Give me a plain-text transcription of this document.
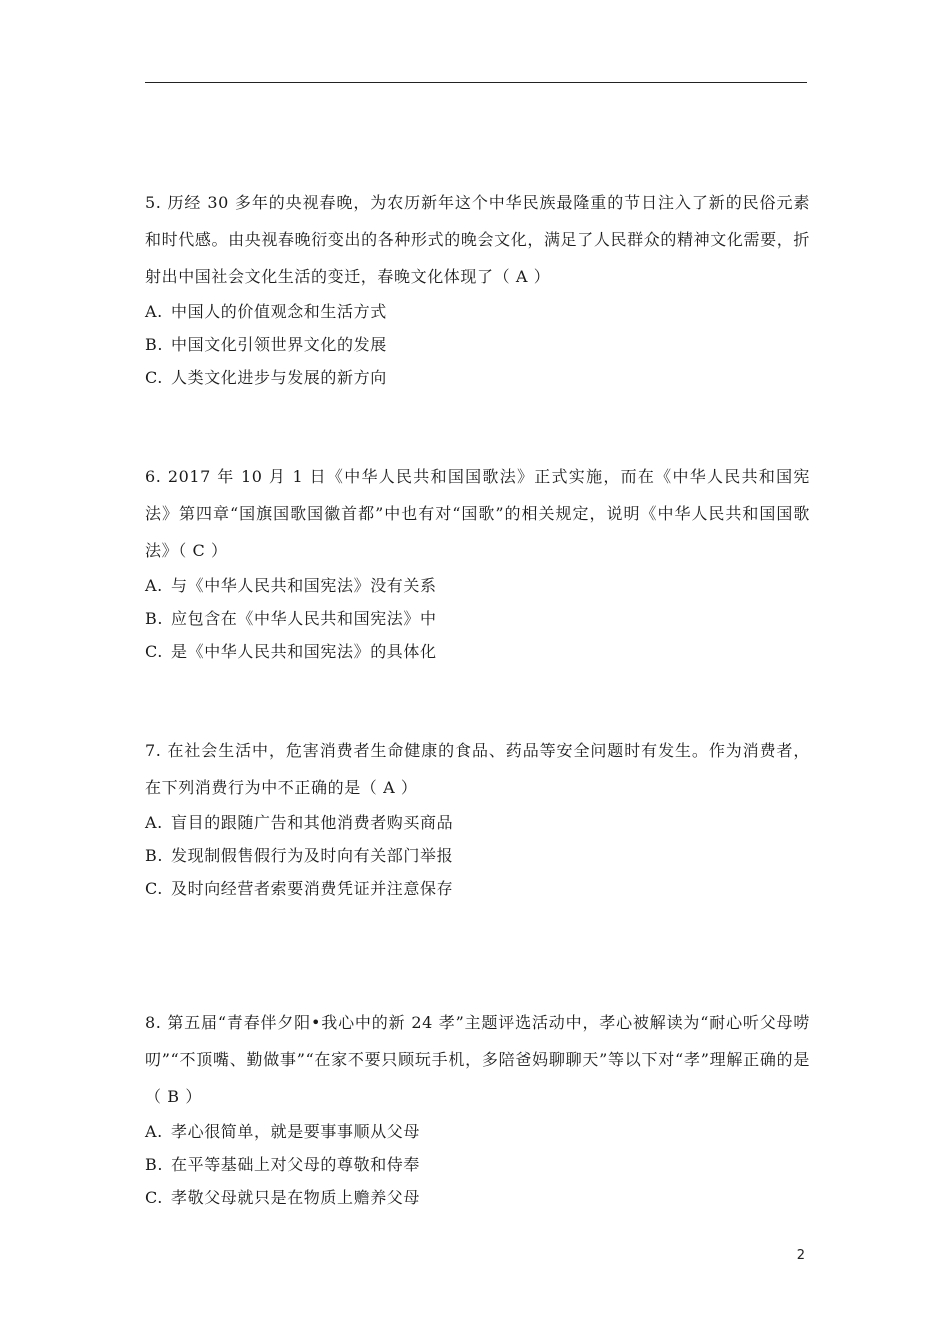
5. 历经 30 多年的央视春晚，为农历新年这个中华民族最隆重的节日注入了新的民俗元素和时代感。由央视春晚衍变出的各种形式的晚会文化，满足了人民群众的精神文化需要，折射出中国社会文化生活的变迁，春晚文化体现了（ A ）
A. 中国人的价值观念和生活方式
B. 中国文化引领世界文化的发展
C. 人类文化进步与发展的新方向
6. 2017 年 10 月 1 日《中华人民共和国国歌法》正式实施，而在《中华人民共和国宪法》第四章“国旗国歌国徽首都”中也有对“国歌”的相关规定，说明《中华人民共和国国歌法》（ C ）
A. 与《中华人民共和国宪法》没有关系
B. 应包含在《中华人民共和国宪法》中
C. 是《中华人民共和国宪法》的具体化
7. 在社会生活中，危害消费者生命健康的食品、药品等安全问题时有发生。作为消费者，在下列消费行为中不正确的是（ A ）
A. 盲目的跟随广告和其他消费者购买商品
B. 发现制假售假行为及时向有关部门举报
C. 及时向经营者索要消费凭证并注意保存
8. 第五届“青春伴夕阳•我心中的新 24 孝”主题评选活动中，孝心被解读为“耐心听父母唠叨”“不顶嘴、勤做事”“在家不要只顾玩手机，多陪爸妈聊聊天”等以下对“孝”理解正确的是（ B ）
A. 孝心很简单，就是要事事顺从父母
B. 在平等基础上对父母的尊敬和侍奉
C. 孝敬父母就只是在物质上赡养父母
2
